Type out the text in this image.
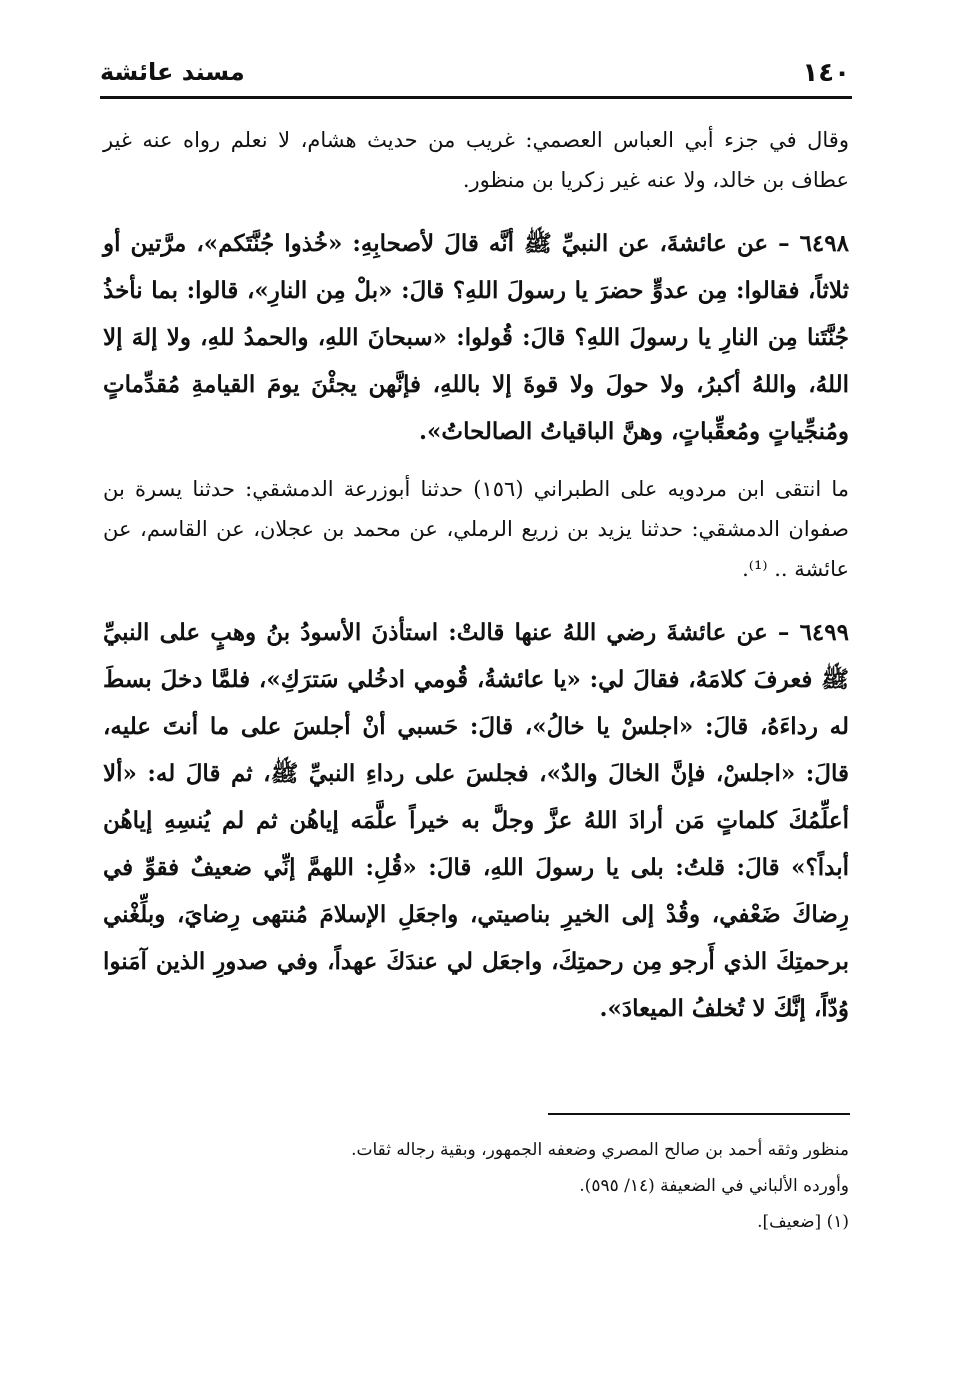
مسند عائشة	١٤٠

وقال في جزء أبي العباس العصمي: غريب من حديث هشام، لا نعلم رواه عنه غير عطاف بن خالد، ولا عنه غير زكريا بن منظور.

٦٤٩٨ – عن عائشةَ، عن النبيِّ ﷺ أنَّه قالَ لأصحابِهِ: «خُذوا جُنَّتَكم»، مرَّتين أو ثلاثاً، فقالوا: مِن عدوٍّ حضرَ يا رسولَ اللهِ؟ قالَ: «بلْ مِن النارِ»، قالوا: بما نأخذُ جُنَّتَنا مِن النارِ يا رسولَ اللهِ؟ قالَ: قُولوا: «سبحانَ اللهِ، والحمدُ للهِ، ولا إلهَ إلا اللهُ، واللهُ أكبرُ، ولا حولَ ولا قوةَ إلا باللهِ، فإنَّهن يجئْنَ يومَ القيامةِ مُقدِّماتٍ ومُنجِّياتٍ ومُعقِّباتٍ، وهنَّ الباقياتُ الصالحاتُ».

ما انتقى ابن مردويه على الطبراني (١٥٦) حدثنا أبوزرعة الدمشقي: حدثنا يسرة بن صفوان الدمشقي: حدثنا يزيد بن زريع الرملي، عن محمد بن عجلان، عن القاسم، عن عائشة .. ⁽¹⁾.

٦٤٩٩ – عن عائشةَ رضي اللهُ عنها قالتْ: استأذنَ الأسودُ بنُ وهبٍ على النبيِّ ﷺ فعرفَ كلامَهُ، فقالَ لي: «يا عائشةُ، قُومي ادخُلي سَترَكِ»، فلمَّا دخلَ بسطَ له رداءَهُ، قالَ: «اجلسْ يا خالُ»، قالَ: حَسبي أنْ أجلسَ على ما أنتَ عليه، قالَ: «اجلسْ، فإنَّ الخالَ والدٌ»، فجلسَ على رداءِ النبيِّ ﷺ، ثم قالَ له: «ألا أعلِّمُكَ كلماتٍ مَن أرادَ اللهُ عزَّ وجلَّ به خيراً علَّمَه إياهُن ثم لم يُنسِهِ إياهُن أبداً؟» قالَ: قلتُ: بلى يا رسولَ اللهِ، قالَ: «قُلِ: اللهمَّ إنِّي ضعيفٌ فقوِّ في رِضاكَ ضَعْفي، وقُدْ إلى الخيرِ بناصيتي، واجعَلِ الإسلامَ مُنتهى رِضايَ، وبلِّغْني برحمتِكَ الذي أَرجو مِن رحمتِكَ، واجعَل لي عندَكَ عهداً، وفي صدورِ الذين آمَنوا وُدّاً، إنَّكَ لا تُخلفُ الميعادَ».

منظور وثقه أحمد بن صالح المصري وضعفه الجمهور، وبقية رجاله ثقات.

وأورده الألباني في الضعيفة (١٤/ ٥٩٥).

(١) [ضعيف].
